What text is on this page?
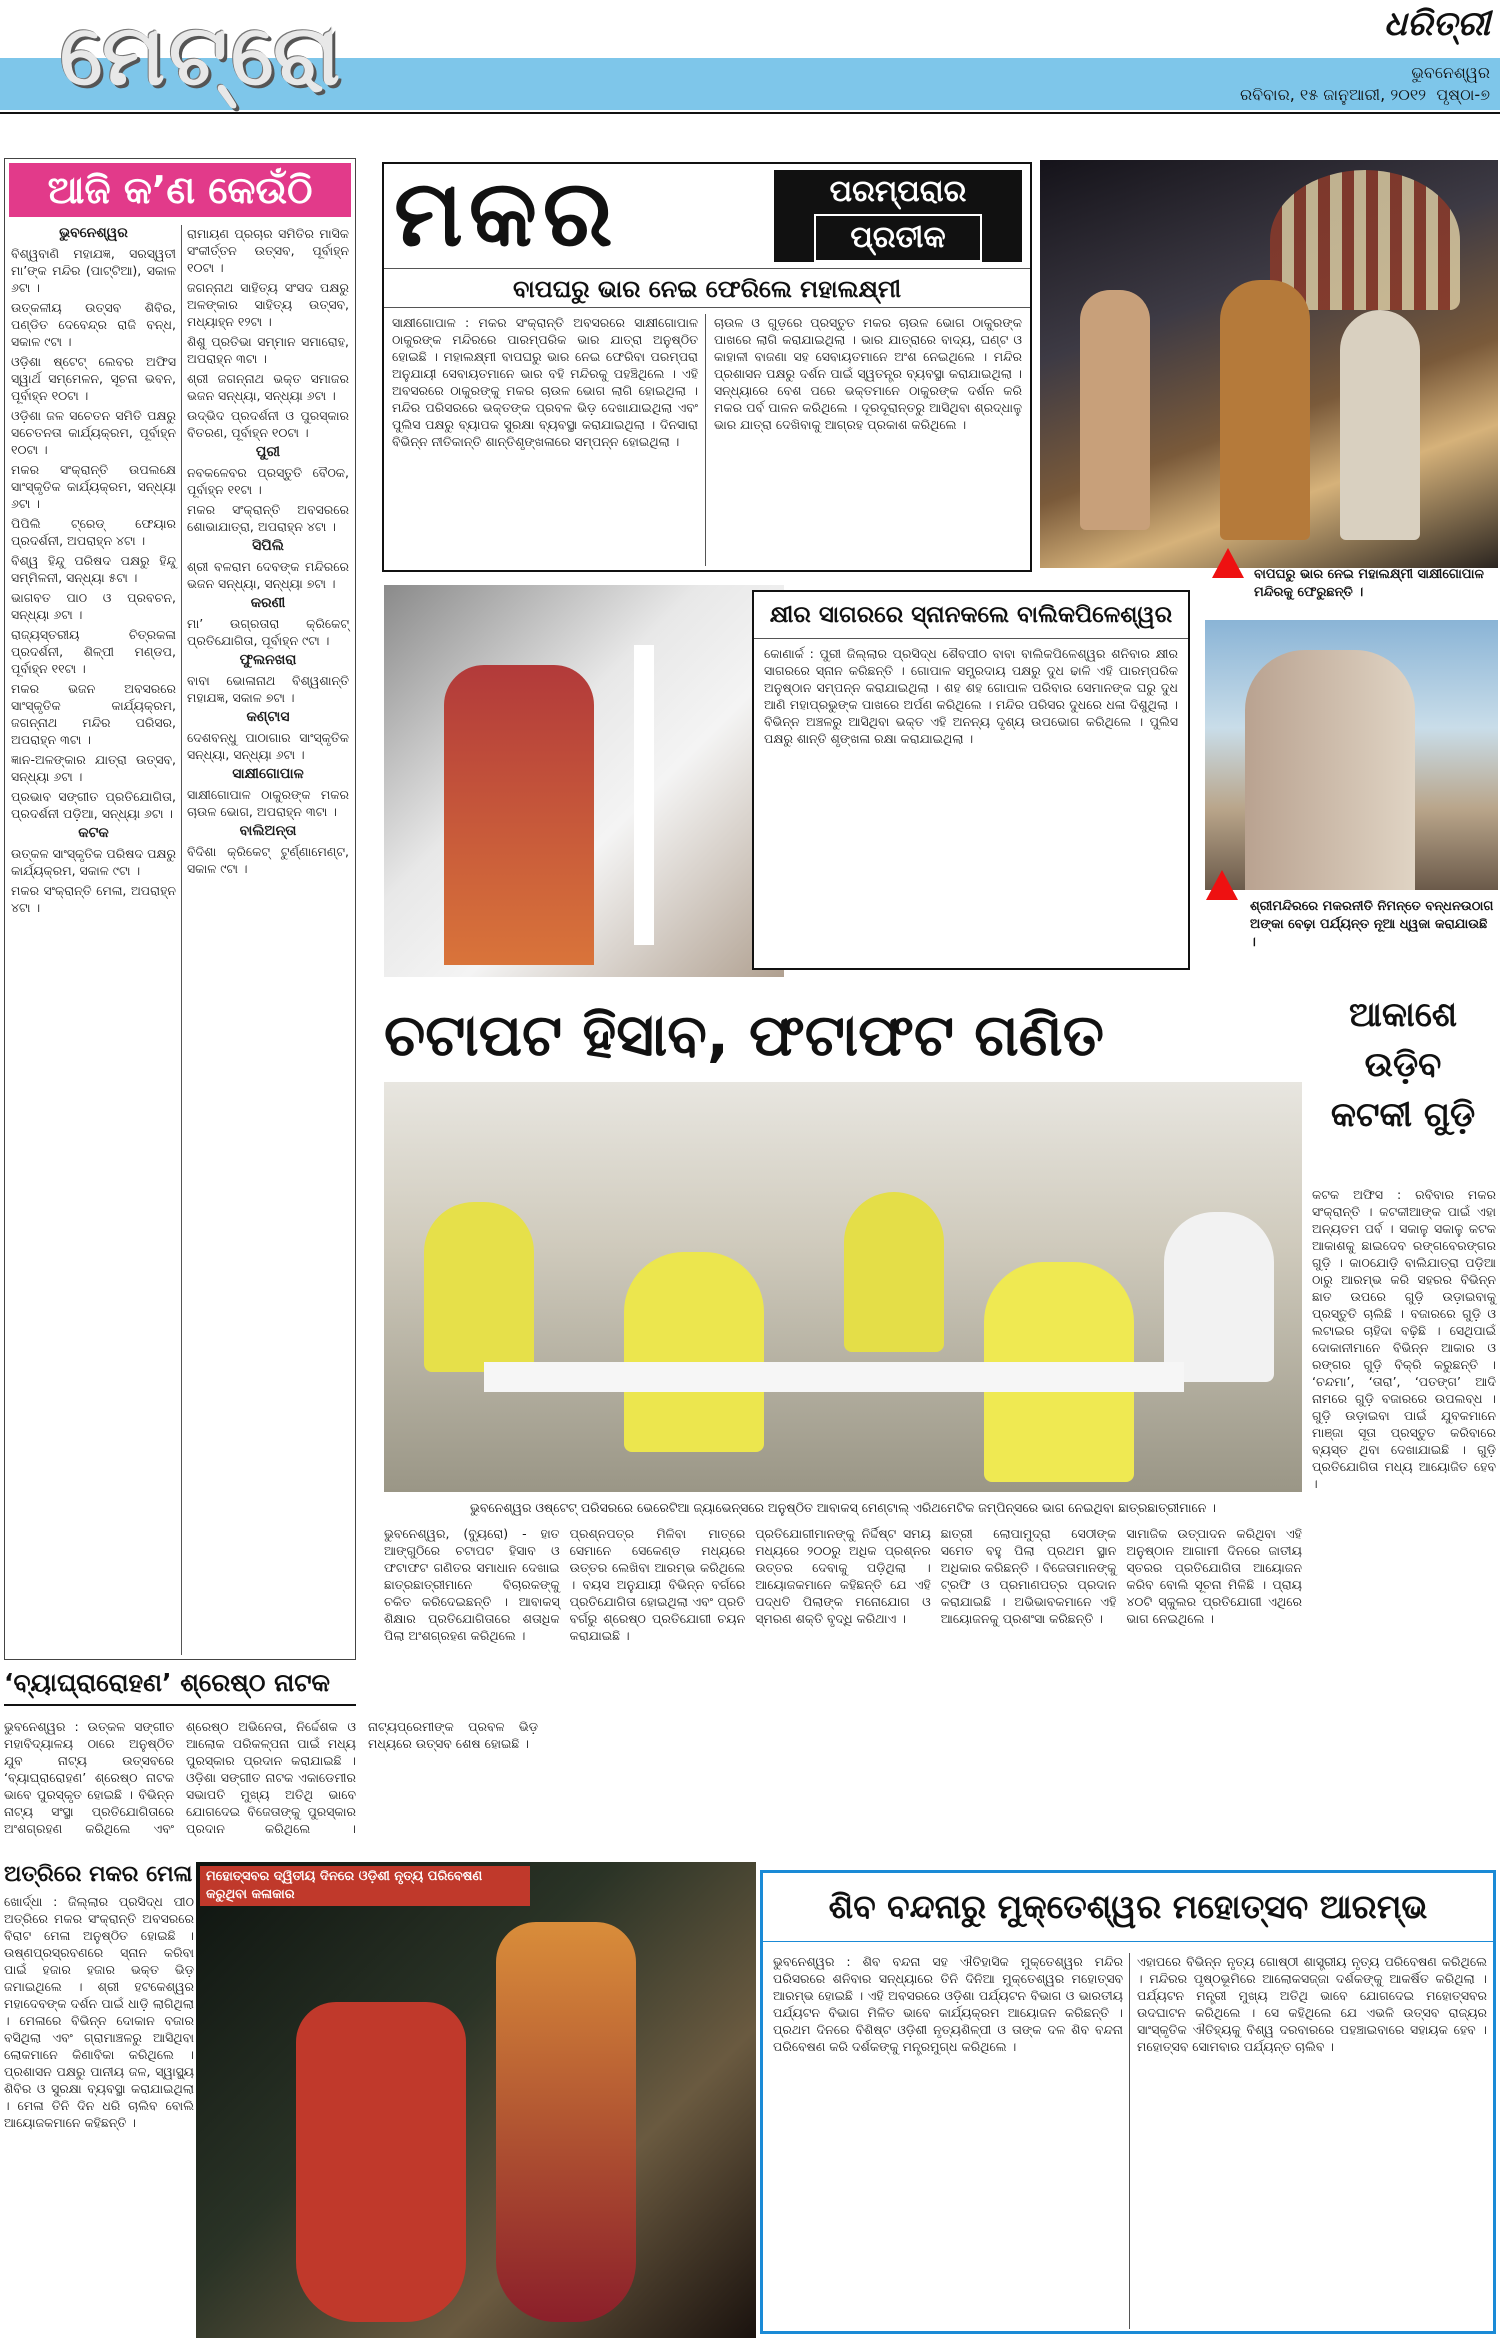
ମେଟ୍ରୋ	ଧରିତ୍ରୀ
ଭୁବନେଶ୍ୱର
ରବିବାର, ୧୫ ଜାନୁଆରୀ, ୨୦୧୨ ପୃଷ୍ଠା-୭
ଆଜି କ’ଣ କେଉଁଠି

ଭୁବନେଶ୍ୱର

ବିଶ୍ୱବାଣି ମହାଯଜ୍ଞ, ସରସ୍ୱତୀ ମା’ଙ୍କ ମନ୍ଦିର (ପାଟ୍ଟିଆ), ସକାଳ ୬ଟା ।

ଉତ୍କଳୀୟ ଉତ୍ସବ ଶିବିର, ପଣ୍ଡିତ ଦେବେନ୍ଦ୍ର ରାଜି ବନ୍ଧ, ସକାଳ ୯ଟା ।

ଓଡ଼ିଶା ଷ୍ଟେଟ୍ ଲେବର ଅଫିସ ସ୍ୱାର୍ଥ ସମ୍ମେଳନ, ସୂଚନା ଭବନ, ପୂର୍ବାହ୍ନ ୧୦ଟା ।

ଓଡ଼ିଶା ଜଳ ସଚେତନ ସମିତି ପକ୍ଷରୁ ସଚେତନତା କାର୍ଯ୍ୟକ୍ରମ, ପୂର୍ବାହ୍ନ ୧୦ଟା ।

ମକର ସଂକ୍ରାନ୍ତି ଉପଲକ୍ଷେ ସାଂସ୍କୃତିକ କାର୍ଯ୍ୟକ୍ରମ, ସନ୍ଧ୍ୟା ୬ଟା ।

ପିପିଲି ଟ୍ରେଡ୍ ଫେୟାର ପ୍ରଦର୍ଶନୀ, ଅପରାହ୍ନ ୪ଟା ।

ବିଶ୍ୱ ହିନ୍ଦୁ ପରିଷଦ ପକ୍ଷରୁ ହିନ୍ଦୁ ସମ୍ମିଳନୀ, ସନ୍ଧ୍ୟା ୫ଟା ।

ଭାଗବତ ପାଠ ଓ ପ୍ରବଚନ, ସନ୍ଧ୍ୟା ୬ଟା ।

ରାଜ୍ୟସ୍ତରୀୟ ଚିତ୍ରକଳା ପ୍ରଦର୍ଶନୀ, ଶିଳ୍ପୀ ମଣ୍ଡପ, ପୂର୍ବାହ୍ନ ୧୧ଟା ।

ମକର ଭଜନ ଅବସରରେ ସାଂସ୍କୃତିକ କାର୍ଯ୍ୟକ୍ରମ, ଜଗନ୍ନାଥ ମନ୍ଦିର ପରିସର, ଅପରାହ୍ନ ୩ଟା ।

ଜ୍ଞାନ-ଅଳଙ୍କାର ଯାତ୍ରା ଉତ୍ସବ, ସନ୍ଧ୍ୟା ୬ଟା ।

ପ୍ରଭାବ ସଙ୍ଗୀତ ପ୍ରତିଯୋଗିତା, ପ୍ରଦର୍ଶନୀ ପଡ଼ିଆ, ସନ୍ଧ୍ୟା ୬ଟା ।

କଟକ

ଉତ୍କଳ ସାଂସ୍କୃତିକ ପରିଷଦ ପକ୍ଷରୁ କାର୍ଯ୍ୟକ୍ରମ, ସକାଳ ୯ଟା ।

ମକର ସଂକ୍ରାନ୍ତି ମେଳା, ଅପରାହ୍ନ ୪ଟା ।

ରାମାୟଣ ପ୍ରଚାର ସମିତିର ମାସିକ ସଂକୀର୍ତ୍ତନ ଉତ୍ସବ, ପୂର୍ବାହ୍ନ ୧୦ଟା ।

ଜଗନ୍ନାଥ ସାହିତ୍ୟ ସଂସଦ ପକ୍ଷରୁ ଅଳଙ୍କାର ସାହିତ୍ୟ ଉତ୍ସବ, ମଧ୍ୟାହ୍ନ ୧୨ଟା ।

ଶିଶୁ ପ୍ରତିଭା ସମ୍ମାନ ସମାରୋହ, ଅପରାହ୍ନ ୩ଟା ।

ଶ୍ରୀ ଜଗନ୍ନାଥ ଭକ୍ତ ସମାଜର ଭଜନ ସନ୍ଧ୍ୟା, ସନ୍ଧ୍ୟା ୬ଟା ।

ଉଦ୍ଭିଦ ପ୍ରଦର୍ଶନୀ ଓ ପୁରସ୍କାର ବିତରଣ, ପୂର୍ବାହ୍ନ ୧୦ଟା ।

ପୁରୀ

ନବକଳେବର ପ୍ରସ୍ତୁତି ବୈଠକ, ପୂର୍ବାହ୍ନ ୧୧ଟା ।

ମକର ସଂକ୍ରାନ୍ତି ଅବସରରେ ଶୋଭାଯାତ୍ରା, ଅପରାହ୍ନ ୪ଟା ।

ସିପିଲି

ଶ୍ରୀ ବଳରାମ ଦେବଙ୍କ ମନ୍ଦିରରେ ଭଜନ ସନ୍ଧ୍ୟା, ସନ୍ଧ୍ୟା ୭ଟା ।

କରଣୀ

ମା’ ଉଗ୍ରତାରା କ୍ରିକେଟ୍ ପ୍ରତିଯୋଗିତା, ପୂର୍ବାହ୍ନ ୯ଟା ।

ଫୁଲନଖରା

ବାବା ଭୋଳାନାଥ ବିଶ୍ୱଶାନ୍ତି ମହାଯଜ୍ଞ, ସକାଳ ୭ଟା ।

କଣ୍ଟାସ

ଦେଶବନ୍ଧୁ ପାଠାଗାର ସାଂସ୍କୃତିକ ସନ୍ଧ୍ୟା, ସନ୍ଧ୍ୟା ୬ଟା ।

ସାକ୍ଷୀଗୋପାଳ

ସାକ୍ଷୀଗୋପାଳ ଠାକୁରଙ୍କ ମକର ଚାଉଳ ଭୋଗ, ଅପରାହ୍ନ ୩ଟା ।

ବାଲିଅନ୍ତା

ବିଦିଶା କ୍ରିକେଟ୍ ଟୁର୍ଣ୍ଣାମେଣ୍ଟ, ସକାଳ ୯ଟା ।

‘ବ୍ୟାଘ୍ରାରୋହଣ’ ଶ୍ରେଷ୍ଠ ନାଟକ
ଭୁବନେଶ୍ୱର : ଉତ୍କଳ ସଙ୍ଗୀତ ମହାବିଦ୍ୟାଳୟ ଠାରେ ଅନୁଷ୍ଠିତ ଯୁବ ନାଟ୍ୟ ଉତ୍ସବରେ ‘ବ୍ୟାଘ୍ରାରୋହଣ’ ଶ୍ରେଷ୍ଠ ନାଟକ ଭାବେ ପୁରସ୍କୃତ ହୋଇଛି । ବିଭିନ୍ନ ନାଟ୍ୟ ସଂସ୍ଥା ପ୍ରତିଯୋଗିତାରେ ଅଂଶଗ୍ରହଣ କରିଥିଲେ ଏବଂ ଶ୍ରେଷ୍ଠ ଅଭିନେତା, ନିର୍ଦ୍ଦେଶକ ଓ ଆଲୋକ ପରିକଳ୍ପନା ପାଇଁ ମଧ୍ୟ ପୁରସ୍କାର ପ୍ରଦାନ କରାଯାଇଛି । ଓଡ଼ିଶା ସଙ୍ଗୀତ ନାଟକ ଏକାଡେମୀର ସଭାପତି ମୁଖ୍ୟ ଅତିଥି ଭାବେ ଯୋଗଦେଇ ବିଜେତାଙ୍କୁ ପୁରସ୍କାର ପ୍ରଦାନ କରିଥିଲେ । ନାଟ୍ୟପ୍ରେମୀଙ୍କ ପ୍ରବଳ ଭିଡ଼ ମଧ୍ୟରେ ଉତ୍ସବ ଶେଷ ହୋଇଛି ।
ମକର	ପରମ୍ପରାର
ପ୍ରତୀକ
ବାପଘରୁ ଭାର ନେଇ ଫେରିଲେ ମହାଲକ୍ଷ୍ମୀ
ସାକ୍ଷୀଗୋପାଳ : ମକର ସଂକ୍ରାନ୍ତି ଅବସରରେ ସାକ୍ଷୀଗୋପାଳ ଠାକୁରଙ୍କ ମନ୍ଦିରରେ ପାରମ୍ପରିକ ଭାର ଯାତ୍ରା ଅନୁଷ୍ଠିତ ହୋଇଛି । ମହାଲକ୍ଷ୍ମୀ ବାପଘରୁ ଭାର ନେଇ ଫେରିବା ପରମ୍ପରା ଅନୁଯାୟୀ ସେବାୟତମାନେ ଭାର ବହି ମନ୍ଦିରକୁ ପହଞ୍ଚିଥିଲେ । ଏହି ଅବସରରେ ଠାକୁରଙ୍କୁ ମକର ଚାଉଳ ଭୋଗ ଲାଗି ହୋଇଥିଲା । ମନ୍ଦିର ପରିସରରେ ଭକ୍ତଙ୍କ ପ୍ରବଳ ଭିଡ଼ ଦେଖାଯାଇଥିଲା ଏବଂ ପୁଲିସ ପକ୍ଷରୁ ବ୍ୟାପକ ସୁରକ୍ଷା ବ୍ୟବସ୍ଥା କରାଯାଇଥିଲା । ଦିନସାରା ବିଭିନ୍ନ ନୀତିକାନ୍ତି ଶାନ୍ତିଶୃଙ୍ଖଳାରେ ସମ୍ପନ୍ନ ହୋଇଥିଲା ।
ଚାଉଳ ଓ ଗୁଡ଼ରେ ପ୍ରସ୍ତୁତ ମକର ଚାଉଳ ଭୋଗ ଠାକୁରଙ୍କ ପାଖରେ ଲାଗି କରାଯାଇଥିଲା । ଭାର ଯାତ୍ରାରେ ବାଦ୍ୟ, ଘଣ୍ଟ ଓ କାହାଳୀ ବାଜଣା ସହ ସେବାୟତମାନେ ଅଂଶ ନେଇଥିଲେ । ମନ୍ଦିର ପ୍ରଶାସନ ପକ୍ଷରୁ ଦର୍ଶନ ପାଇଁ ସ୍ୱତନ୍ତ୍ର ବ୍ୟବସ୍ଥା କରାଯାଇଥିଲା । ସନ୍ଧ୍ୟାରେ ବେଶ ପରେ ଭକ୍ତମାନେ ଠାକୁରଙ୍କ ଦର୍ଶନ କରି ମକର ପର୍ବ ପାଳନ କରିଥିଲେ । ଦୂରଦୂରାନ୍ତରୁ ଆସିଥିବା ଶ୍ରଦ୍ଧାଳୁ ଭାର ଯାତ୍ରା ଦେଖିବାକୁ ଆଗ୍ରହ ପ୍ରକାଶ କରିଥିଲେ ।
ବାପଘରୁ ଭାର ନେଇ ମହାଲକ୍ଷ୍ମୀ ସାକ୍ଷୀଗୋପାଳ ମନ୍ଦିରକୁ ଫେରୁଛନ୍ତି ।
କ୍ଷୀର ସାଗରରେ ସ୍ନାନକଲେ ବାଲିକପିଳେଶ୍ୱର
କୋଣାର୍କ : ପୁରୀ ଜିଲ୍ଲାର ପ୍ରସିଦ୍ଧ ଶୈବପୀଠ ବାବା ବାଲିକପିଳେଶ୍ୱର ଶନିବାର କ୍ଷୀର ସାଗରରେ ସ୍ନାନ କରିଛନ୍ତି । ଗୋପାଳ ସମ୍ପ୍ରଦାୟ ପକ୍ଷରୁ ଦୁଧ ଢାଳି ଏହି ପାରମ୍ପରିକ ଅନୁଷ୍ଠାନ ସମ୍ପନ୍ନ କରାଯାଇଥିଲା । ଶହ ଶହ ଗୋପାଳ ପରିବାର ସେମାନଙ୍କ ଘରୁ ଦୁଧ ଆଣି ମହାପ୍ରଭୁଙ୍କ ପାଖରେ ଅର୍ପଣ କରିଥିଲେ । ମନ୍ଦିର ପରିସର ଦୁଧରେ ଧଳା ଦିଶୁଥିଲା । ବିଭିନ୍ନ ଅଞ୍ଚଳରୁ ଆସିଥିବା ଭକ୍ତ ଏହି ଅନନ୍ୟ ଦୃଶ୍ୟ ଉପଭୋଗ କରିଥିଲେ । ପୁଲିସ ପକ୍ଷରୁ ଶାନ୍ତି ଶୃଙ୍ଖଳା ରକ୍ଷା କରାଯାଇଥିଲା ।
ଶ୍ରୀମନ୍ଦିରରେ ମକରନୀତି ନିମନ୍ତେ ବନ୍ଧନଉଠାଗ ଅଙ୍କା ବେଢ଼ା ପର୍ଯ୍ୟନ୍ତ ନୂଆ ଧ୍ୱଜା କରାଯାଉଛି ।
ଚଟାପଟ ହିସାବ, ଫଟାଫଟ ଗଣିତ
ଭୁବନେଶ୍ୱର ଓଷ୍ଟେଟ୍ ପରିସରରେ ଭେରେଟିଆ ଜ୍ୟାଭେନ୍ସରେ ଅନୁଷ୍ଠିତ ଆବାକସ୍ ମେଣ୍ଟାଲ୍ ଏରିଥମେଟିକ ଜମ୍ପିନ୍‌ସରେ ଭାଗ ନେଇଥିବା ଛାତ୍ରଛାତ୍ରୀମାନେ ।
ଭୁବନେଶ୍ୱର, (ବ୍ୟୁରୋ) - ହାତ ଆଙ୍ଗୁଠିରେ ଚଟାପଟ ହିସାବ ଓ ଫଟାଫଟ ଗଣିତର ସମାଧାନ ଦେଖାଇ ଛାତ୍ରଛାତ୍ରୀମାନେ ବିଚାରକଙ୍କୁ ଚକିତ କରିଦେଇଛନ୍ତି । ଆବାକସ୍ ଶିକ୍ଷାର ପ୍ରତିଯୋଗିତାରେ ଶତାଧିକ ପିଲା ଅଂଶଗ୍ରହଣ କରିଥିଲେ ।
ପ୍ରଶ୍ନପତ୍ର ମିଳିବା ମାତ୍ରେ ସେମାନେ ସେକେଣ୍ଡ ମଧ୍ୟରେ ଉତ୍ତର ଲେଖିବା ଆରମ୍ଭ କରିଥିଲେ । ବୟସ ଅନୁଯାୟୀ ବିଭିନ୍ନ ବର୍ଗରେ ପ୍ରତିଯୋଗିତା ହୋଇଥିଲା ଏବଂ ପ୍ରତି ବର୍ଗରୁ ଶ୍ରେଷ୍ଠ ପ୍ରତିଯୋଗୀ ଚୟନ କରାଯାଇଛି ।
ପ୍ରତିଯୋଗୀମାନଙ୍କୁ ନିର୍ଦ୍ଦିଷ୍ଟ ସମୟ ମଧ୍ୟରେ ୨୦୦ରୁ ଅଧିକ ପ୍ରଶ୍ନର ଉତ୍ତର ଦେବାକୁ ପଡ଼ିଥିଲା । ଆୟୋଜକମାନେ କହିଛନ୍ତି ଯେ ଏହି ପଦ୍ଧତି ପିଲାଙ୍କ ମନୋଯୋଗ ଓ ସ୍ମରଣ ଶକ୍ତି ବୃଦ୍ଧି କରିଥାଏ ।
ଛାତ୍ରୀ ଲୋପାମୁଦ୍ରା ସେଠୀଙ୍କ ସମେତ ବହୁ ପିଲା ପ୍ରଥମ ସ୍ଥାନ ଅଧିକାର କରିଛନ୍ତି । ବିଜେତାମାନଙ୍କୁ ଟ୍ରଫି ଓ ପ୍ରମାଣପତ୍ର ପ୍ରଦାନ କରାଯାଇଛି । ଅଭିଭାବକମାନେ ଏହି ଆୟୋଜନକୁ ପ୍ରଶଂସା କରିଛନ୍ତି ।
ସାମାଜିକ ଉତ୍ପାଦନ କରିଥିବା ଏହି ଅନୁଷ୍ଠାନ ଆଗାମୀ ଦିନରେ ଜାତୀୟ ସ୍ତରର ପ୍ରତିଯୋଗିତା ଆୟୋଜନ କରିବ ବୋଲି ସୂଚନା ମିଳିଛି । ପ୍ରାୟ ୪୦ଟି ସ୍କୁଲର ପ୍ରତିଯୋଗୀ ଏଥିରେ ଭାଗ ନେଇଥିଲେ ।
ଆକାଶେ
ଉଡ଼ିବ
କଟକୀ ଗୁଡ଼ି
କଟକ ଅଫିସ : ରବିବାର ମକର ସଂକ୍ରାନ୍ତି । କଟକୀଆଙ୍କ ପାଇଁ ଏହା ଅନ୍ୟତମ ପର୍ବ । ସକାଳୁ ସକାଳୁ କଟକ ଆକାଶକୁ ଛାଇଦେବ ରଙ୍ଗବେରଙ୍ଗର ଗୁଡ଼ି । କାଠଯୋଡ଼ି ବାଲିଯାତ୍ରା ପଡ଼ିଆ ଠାରୁ ଆରମ୍ଭ କରି ସହରର ବିଭିନ୍ନ ଛାତ ଉପରେ ଗୁଡ଼ି ଉଡ଼ାଇବାକୁ ପ୍ରସ୍ତୁତି ଚାଲିଛି । ବଜାରରେ ଗୁଡ଼ି ଓ ଲଟାଇର ଚାହିଦା ବଢ଼ିଛି । ସେଥିପାଇଁ ଦୋକାନୀମାନେ ବିଭିନ୍ନ ଆକାର ଓ ରଙ୍ଗର ଗୁଡ଼ି ବିକ୍ରି କରୁଛନ୍ତି । ‘ଚନ୍ଦମା’, ‘ତାରା’, ‘ପତଙ୍ଗ’ ଆଦି ନାମରେ ଗୁଡ଼ି ବଜାରରେ ଉପଲବ୍ଧ । ଗୁଡ଼ି ଉଡ଼ାଇବା ପାଇଁ ଯୁବକମାନେ ମାଞ୍ଜା ସୂତା ପ୍ରସ୍ତୁତ କରିବାରେ ବ୍ୟସ୍ତ ଥିବା ଦେଖାଯାଇଛି । ଗୁଡ଼ି ପ୍ରତିଯୋଗିତା ମଧ୍ୟ ଆୟୋଜିତ ହେବ ।
ଅତ୍ରିରେ ମକର ମେଳା
ଖୋର୍ଦ୍ଧା : ଜିଲ୍ଲାର ପ୍ରସିଦ୍ଧ ପୀଠ ଅତ୍ରିରେ ମକର ସଂକ୍ରାନ୍ତି ଅବସରରେ ବିରାଟ ମେଳା ଅନୁଷ୍ଠିତ ହୋଇଛି । ଉଷ୍ଣପ୍ରସ୍ରବଣରେ ସ୍ନାନ କରିବା ପାଇଁ ହଜାର ହଜାର ଭକ୍ତ ଭିଡ଼ ଜମାଇଥିଲେ । ଶ୍ରୀ ହଟକେଶ୍ୱର ମହାଦେବଙ୍କ ଦର୍ଶନ ପାଇଁ ଧାଡ଼ି ଲାଗିଥିଲା । ମେଳାରେ ବିଭିନ୍ନ ଦୋକାନ ବଜାର ବସିଥିଲା ଏବଂ ଗ୍ରାମାଞ୍ଚଳରୁ ଆସିଥିବା ଲୋକମାନେ କିଣାବିକା କରିଥିଲେ । ପ୍ରଶାସନ ପକ୍ଷରୁ ପାନୀୟ ଜଳ, ସ୍ୱାସ୍ଥ୍ୟ ଶିବିର ଓ ସୁରକ୍ଷା ବ୍ୟବସ୍ଥା କରାଯାଇଥିଲା । ମେଳା ତିନି ଦିନ ଧରି ଚାଲିବ ବୋଲି ଆୟୋଜକମାନେ କହିଛନ୍ତି ।
ମହୋତ୍ସବର ଦ୍ୱିତୀୟ ଦିନରେ ଓଡ଼ିଶୀ ନୃତ୍ୟ ପରିବେଷଣ କରୁଥିବା କଳାକାର	ଶିବ ବନ୍ଦନାରୁ ମୁକ୍ତେଶ୍ୱର ମହୋତ୍ସବ ଆରମ୍ଭ
ଭୁବନେଶ୍ୱର : ଶିବ ବନ୍ଦନା ସହ ଐତିହାସିକ ମୁକ୍ତେଶ୍ୱର ମନ୍ଦିର ପରିସରରେ ଶନିବାର ସନ୍ଧ୍ୟାରେ ତିନି ଦିନିଆ ମୁକ୍ତେଶ୍ୱର ମହୋତ୍ସବ ଆରମ୍ଭ ହୋଇଛି । ଏହି ଅବସରରେ ଓଡ଼ିଶା ପର୍ଯ୍ୟଟନ ବିଭାଗ ଓ ଭାରତୀୟ ପର୍ଯ୍ୟଟନ ବିଭାଗ ମିଳିତ ଭାବେ କାର୍ଯ୍ୟକ୍ରମ ଆୟୋଜନ କରିଛନ୍ତି । ପ୍ରଥମ ଦିନରେ ବିଶିଷ୍ଟ ଓଡ଼ିଶୀ ନୃତ୍ୟଶିଳ୍ପୀ ଓ ତାଙ୍କ ଦଳ ଶିବ ବନ୍ଦନା ପରିବେଷଣ କରି ଦର୍ଶକଙ୍କୁ ମନ୍ତ୍ରମୁଗ୍ଧ କରିଥିଲେ ।
ଏହାପରେ ବିଭିନ୍ନ ନୃତ୍ୟ ଗୋଷ୍ଠୀ ଶାସ୍ତ୍ରୀୟ ନୃତ୍ୟ ପରିବେଷଣ କରିଥିଲେ । ମନ୍ଦିରର ପୃଷ୍ଠଭୂମିରେ ଆଲୋକସଜ୍ଜା ଦର୍ଶକଙ୍କୁ ଆକର୍ଷିତ କରିଥିଲା । ପର୍ଯ୍ୟଟନ ମନ୍ତ୍ରୀ ମୁଖ୍ୟ ଅତିଥି ଭାବେ ଯୋଗଦେଇ ମହୋତ୍ସବର ଉଦଘାଟନ କରିଥିଲେ । ସେ କହିଥିଲେ ଯେ ଏଭଳି ଉତ୍ସବ ରାଜ୍ୟର ସାଂସ୍କୃତିକ ଐତିହ୍ୟକୁ ବିଶ୍ୱ ଦରବାରରେ ପହଞ୍ଚାଇବାରେ ସହାୟକ ହେବ । ମହୋତ୍ସବ ସୋମବାର ପର୍ଯ୍ୟନ୍ତ ଚାଲିବ ।
